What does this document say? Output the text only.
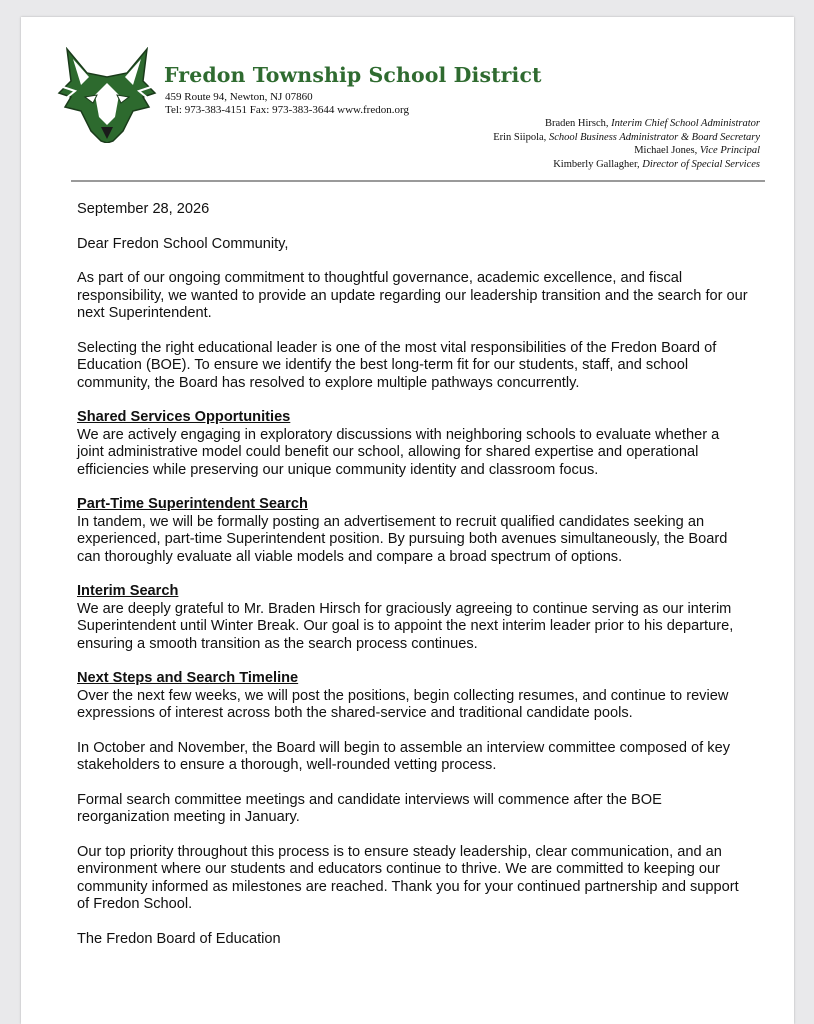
Fredon Township School District
459 Route 94, Newton, NJ 07860
Tel: 973-383-4151 Fax: 973-383-3644 www.fredon.org
Braden Hirsch, Interim Chief School Administrator
Erin Siipola, School Business Administrator & Board Secretary
Michael Jones, Vice Principal
Kimberly Gallagher, Director of Special Services

September 28, 2026

Dear Fredon School Community,

As part of our ongoing commitment to thoughtful governance, academic excellence, and fiscal responsibility, we wanted to provide an update regarding our leadership transition and the search for our next Superintendent.

Selecting the right educational leader is one of the most vital responsibilities of the Fredon Board of Education (BOE). To ensure we identify the best long-term fit for our students, staff, and school community, the Board has resolved to explore multiple pathways concurrently.

Shared Services Opportunities
We are actively engaging in exploratory discussions with neighboring schools to evaluate whether a joint administrative model could benefit our school, allowing for shared expertise and operational efficiencies while preserving our unique community identity and classroom focus.

Part-Time Superintendent Search
In tandem, we will be formally posting an advertisement to recruit qualified candidates seeking an experienced, part-time Superintendent position. By pursuing both avenues simultaneously, the Board can thoroughly evaluate all viable models and compare a broad spectrum of options.

Interim Search
We are deeply grateful to Mr. Braden Hirsch for graciously agreeing to continue serving as our interim Superintendent until Winter Break. Our goal is to appoint the next interim leader prior to his departure, ensuring a smooth transition as the search process continues.

Next Steps and Search Timeline
Over the next few weeks, we will post the positions, begin collecting resumes, and continue to review expressions of interest across both the shared-service and traditional candidate pools.

In October and November, the Board will begin to assemble an interview committee composed of key stakeholders to ensure a thorough, well-rounded vetting process.

Formal search committee meetings and candidate interviews will commence after the BOE reorganization meeting in January.

Our top priority throughout this process is to ensure steady leadership, clear communication, and an environment where our students and educators continue to thrive. We are committed to keeping our community informed as milestones are reached. Thank you for your continued partnership and support of Fredon School.

The Fredon Board of Education
